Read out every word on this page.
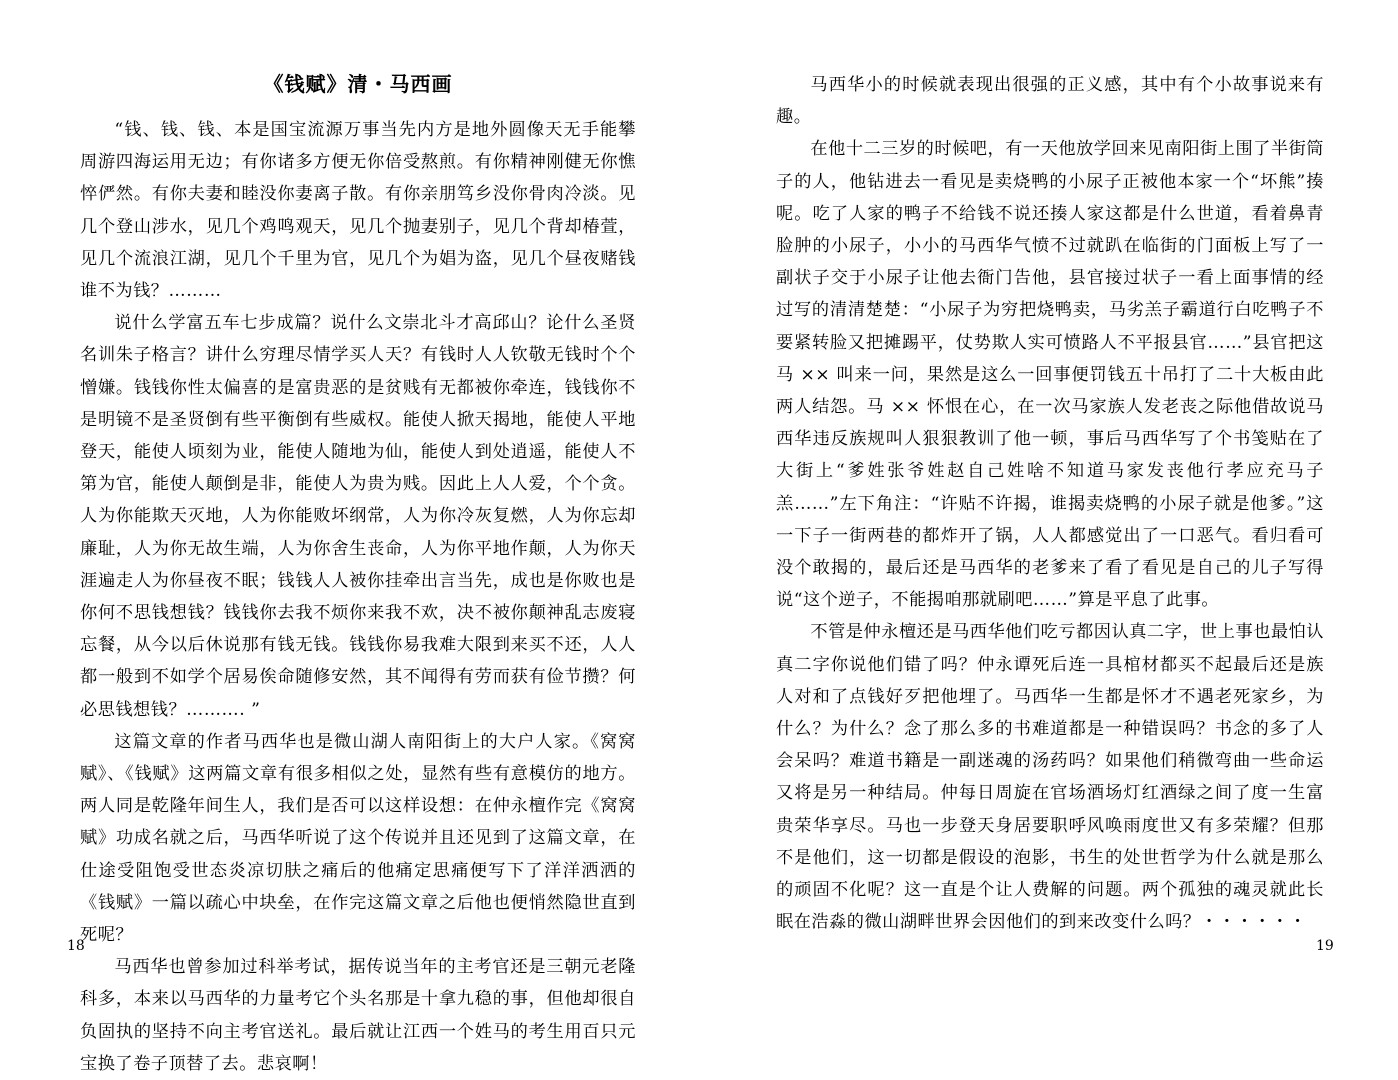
《钱赋》清・马西画

“钱、钱、钱、本是国宝流源万事当先内方是地外圆像天无手能攀周游四海运用无边；有你诸多方便无你倍受熬煎。有你精神刚健无你憔悴俨然。有你夫妻和睦没你妻离子散。有你亲朋笃乡没你骨肉冷淡。见几个登山涉水，见几个鸡鸣观天，见几个抛妻别子，见几个背却椿萱，见几个流浪江湖，见几个千里为官，见几个为娼为盗，见几个昼夜赌钱谁不为钱？………

说什么学富五车七步成篇？说什么文崇北斗才高邱山？论什么圣贤名训朱子格言？讲什么穷理尽情学买人天？有钱时人人钦敬无钱时个个憎嫌。钱钱你性太偏喜的是富贵恶的是贫贱有无都被你牵连，钱钱你不是明镜不是圣贤倒有些平衡倒有些威权。能使人掀天揭地，能使人平地登天，能使人顷刻为业，能使人随地为仙，能使人到处逍遥，能使人不第为官，能使人颠倒是非，能使人为贵为贱。因此上人人爱，个个贪。人为你能欺天灭地，人为你能败坏纲常，人为你冷灰复燃，人为你忘却廉耻，人为你无故生端，人为你舍生丧命，人为你平地作颠，人为你天涯遍走人为你昼夜不眠；钱钱人人被你挂牵出言当先，成也是你败也是你何不思钱想钱？钱钱你去我不烦你来我不欢，决不被你颠神乱志废寝忘餐，从今以后休说那有钱无钱。钱钱你易我难大限到来买不还，人人都一般到不如学个居易俟命随修安然，其不闻得有劳而获有俭节攒？何必思钱想钱？………. ”

这篇文章的作者马西华也是微山湖人南阳街上的大户人家。《窝窝赋》、《钱赋》这两篇文章有很多相似之处，显然有些有意模仿的地方。两人同是乾隆年间生人，我们是否可以这样设想：在仲永檀作完《窝窝赋》功成名就之后，马西华听说了这个传说并且还见到了这篇文章，在仕途受阻饱受世态炎凉切肤之痛后的他痛定思痛便写下了洋洋洒洒的《钱赋》一篇以疏心中块垒，在作完这篇文章之后他也便悄然隐世直到死呢？

马西华也曾参加过科举考试，据传说当年的主考官还是三朝元老隆科多，本来以马西华的力量考它个头名那是十拿九稳的事，但他却很自负固执的坚持不向主考官送礼。最后就让江西一个姓马的考生用百只元宝换了卷子顶替了去。悲哀啊！

18

马西华小的时候就表现出很强的正义感，其中有个小故事说来有趣。

在他十二三岁的时候吧，有一天他放学回来见南阳街上围了半街筒子的人，他钻进去一看见是卖烧鸭的小尿子正被他本家一个“坏熊”揍呢。吃了人家的鸭子不给钱不说还揍人家这都是什么世道，看着鼻青脸肿的小尿子，小小的马西华气愤不过就趴在临街的门面板上写了一副状子交于小尿子让他去衙门告他，县官接过状子一看上面事情的经过写的清清楚楚：“小尿子为穷把烧鸭卖，马劣羔子霸道行白吃鸭子不要紧转脸又把摊踢平，仗势欺人实可愤路人不平报县官……”县官把这马 ×× 叫来一问，果然是这么一回事便罚钱五十吊打了二十大板由此两人结怨。马 ×× 怀恨在心，在一次马家族人发老丧之际他借故说马西华违反族规叫人狠狠教训了他一顿，事后马西华写了个书笺贴在了大街上“爹姓张爷姓赵自己姓啥不知道马家发丧他行孝应充马子羔……”左下角注：“许贴不许揭，谁揭卖烧鸭的小尿子就是他爹。”这一下子一街两巷的都炸开了锅，人人都感觉出了一口恶气。看归看可没个敢揭的，最后还是马西华的老爹来了看了看见是自己的儿子写得说“这个逆子，不能揭咱那就刷吧……”算是平息了此事。

不管是仲永檀还是马西华他们吃亏都因认真二字，世上事也最怕认真二字你说他们错了吗？仲永谭死后连一具棺材都买不起最后还是族人对和了点钱好歹把他埋了。马西华一生都是怀才不遇老死家乡，为什么？为什么？念了那么多的书难道都是一种错误吗？书念的多了人会呆吗？难道书籍是一副迷魂的汤药吗？如果他们稍微弯曲一些命运又将是另一种结局。仲每日周旋在官场酒场灯红酒绿之间了度一生富贵荣华享尽。马也一步登天身居要职呼风唤雨度世又有多荣耀？但那不是他们，这一切都是假设的泡影，书生的处世哲学为什么就是那么的顽固不化呢？这一直是个让人费解的问题。两个孤独的魂灵就此长眠在浩淼的微山湖畔世界会因他们的到来改变什么吗？・・・・・・

19
